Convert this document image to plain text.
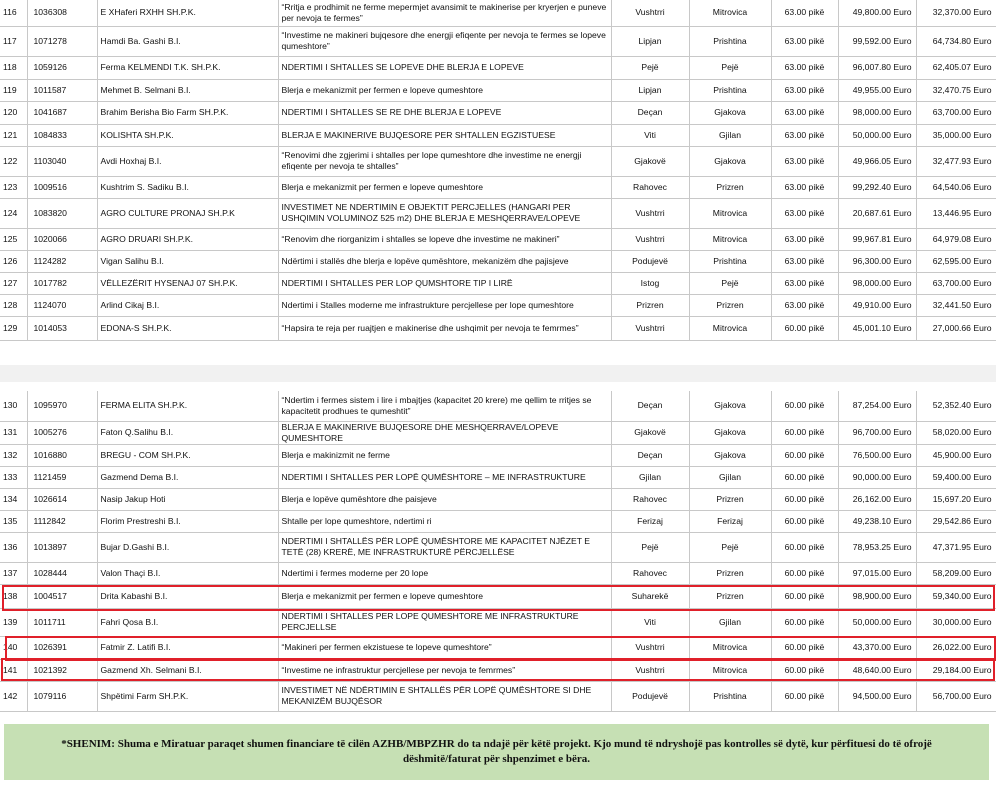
116	1036308	E XHaferi RXHH SH.P.K.	“Rritja e prodhimit ne ferme mepermjet avansimit te makinerise per kryerjen e puneve per nevoja te fermes”	Vushtrri	Mitrovica	63.00 pikë	49,800.00 Euro	32,370.00 Euro
117	1071278	Hamdi Ba. Gashi B.I.	“Investime ne makineri bujqesore dhe energji efiqente per nevoja te fermes se lopeve qumeshtore”	Lipjan	Prishtina	63.00 pikë	99,592.00 Euro	64,734.80 Euro
118	1059126	Ferma KELMENDI T.K. SH.P.K.	NDERTIMI I SHTALLES SE LOPEVE DHE BLERJA E LOPEVE	Pejë	Pejë	63.00 pikë	96,007.80 Euro	62,405.07 Euro
119	1011587	Mehmet B. Selmani B.I.	Blerja e mekanizmit per fermen e lopeve qumeshtore	Lipjan	Prishtina	63.00 pikë	49,955.00 Euro	32,470.75 Euro
120	1041687	Brahim Berisha Bio Farm SH.P.K.	NDERTIMI I SHTALLES SE RE DHE BLERJA E LOPEVE	Deçan	Gjakova	63.00 pikë	98,000.00 Euro	63,700.00 Euro
121	1084833	KOLISHTA SH.P.K.	BLERJA E MAKINERIVE BUJQESORE PER SHTALLEN EGZISTUESE	Viti	Gjilan	63.00 pikë	50,000.00 Euro	35,000.00 Euro
122	1103040	Avdi Hoxhaj B.I.	“Renovimi dhe zgjerimi i shtalles per lope qumeshtore dhe investime ne energji efiqente per nevoja te shtalles”	Gjakovë	Gjakova	63.00 pikë	49,966.05 Euro	32,477.93 Euro
123	1009516	Kushtrim S. Sadiku B.I.	Blerja e mekanizmit per fermen e lopeve qumeshtore	Rahovec	Prizren	63.00 pikë	99,292.40 Euro	64,540.06 Euro
124	1083820	AGRO CULTURE PRONAJ SH.P.K	INVESTIMET NE NDERTIMIN E OBJEKTIT PERCJELLES (HANGARI PER USHQIMIN VOLUMINOZ 525 m2) DHE BLERJA E MESHQERRAVE/LOPEVE	Vushtrri	Mitrovica	63.00 pikë	20,687.61 Euro	13,446.95 Euro
125	1020066	AGRO DRUARI SH.P.K.	“Renovim dhe riorganizim i shtalles se lopeve dhe investime ne makineri”	Vushtrri	Mitrovica	63.00 pikë	99,967.81 Euro	64,979.08 Euro
126	1124282	Vigan Salihu B.I.	Ndërtimi i stallës dhe blerja e lopëve qumështore, mekanizëm dhe pajisjeve	Podujevë	Prishtina	63.00 pikë	96,300.00 Euro	62,595.00 Euro
127	1017782	VËLLEZËRIT HYSENAJ 07 SH.P.K.	NDERTIMI I SHTALLES PER LOP QUMSHTORE TIP I LIRË	Istog	Pejë	63.00 pikë	98,000.00 Euro	63,700.00 Euro
128	1124070	Arlind Cikaj B.I.	Ndertimi i Stalles moderne me infrastrukture percjellese per lope qumeshtore	Prizren	Prizren	63.00 pikë	49,910.00 Euro	32,441.50 Euro
129	1014053	EDONA-S SH.P.K.	“Hapsira te reja per ruajtjen e makinerise dhe ushqimit per nevoja te femrmes”	Vushtrri	Mitrovica	60.00 pikë	45,001.10 Euro	27,000.66 Euro
130	1095970	FERMA ELITA SH.P.K.	“Ndertim i fermes sistem i lire i mbajtjes (kapacitet 20 krere) me qellim te rritjes se kapacitetit prodhues te qumeshtit”	Deçan	Gjakova	60.00 pikë	87,254.00 Euro	52,352.40 Euro
131	1005276	Faton Q.Salihu B.I.	BLERJA E MAKINERIVE BUJQESORE DHE MESHQERRAVE/LOPEVE QUMESHTORE	Gjakovë	Gjakova	60.00 pikë	96,700.00 Euro	58,020.00 Euro
132	1016880	BREGU - COM SH.P.K.	Blerja e makinizmit ne ferme	Deçan	Gjakova	60.00 pikë	76,500.00 Euro	45,900.00 Euro
133	1121459	Gazmend Dema B.I.	NDERTIMI I SHTALLES PER LOPË QUMËSHTORE – ME INFRASTRUKTURE	Gjilan	Gjilan	60.00 pikë	90,000.00 Euro	59,400.00 Euro
134	1026614	Nasip Jakup Hoti	Blerja e lopëve qumështore dhe paisjeve	Rahovec	Prizren	60.00 pikë	26,162.00 Euro	15,697.20 Euro
135	1112842	Florim Prestreshi B.I.	Shtalle per lope qumeshtore, ndertimi ri	Ferizaj	Ferizaj	60.00 pikë	49,238.10 Euro	29,542.86 Euro
136	1013897	Bujar D.Gashi B.I.	NDERTIMI I SHTALLËS PËR LOPË QUMËSHTORE ME KAPACITET NJËZET E TETË (28) KRERË, ME INFRASTRUKTURË PËRCJELLËSE	Pejë	Pejë	60.00 pikë	78,953.25 Euro	47,371.95 Euro
137	1028444	Valon Thaçi B.I.	Ndertimi i fermes moderne per 20 lope	Rahovec	Prizren	60.00 pikë	97,015.00 Euro	58,209.00 Euro
138	1004517	Drita Kabashi B.I.	Blerja e mekanizmit per fermen e lopeve qumeshtore	Suharekë	Prizren	60.00 pikë	98,900.00 Euro	59,340.00 Euro
139	1011711	Fahri Qosa B.I.	NDERTIMI I SHTALLES PER LOPE QUMESHTORE ME INFRASTRUKTURE PERCJELLSE	Viti	Gjilan	60.00 pikë	50,000.00 Euro	30,000.00 Euro
140	1026391	Fatmir Z. Latifi B.I.	“Makineri per fermen ekzistuese te lopeve qumeshtore”	Vushtrri	Mitrovica	60.00 pikë	43,370.00 Euro	26,022.00 Euro
141	1021392	Gazmend Xh. Selmani B.I.	“Investime ne infrastruktur percjellese per nevoja te femrmes”	Vushtrri	Mitrovica	60.00 pikë	48,640.00 Euro	29,184.00 Euro
142	1079116	Shpëtimi Farm SH.P.K.	INVESTIMET NË NDËRTIMIN E SHTALLËS PËR LOPË QUMËSHTORE SI DHE MEKANIZËM BUJQËSOR	Podujevë	Prishtina	60.00 pikë	94,500.00 Euro	56,700.00 Euro
*SHENIM: Shuma e Miratuar paraqet shumen financiare të cilën AZHB/MBPZHR do ta ndajë për këtë projekt. Kjo mund të ndryshojë pas kontrolles së dytë, kur përfituesi do të ofrojë dëshmitë/faturat për shpenzimet e bëra.
